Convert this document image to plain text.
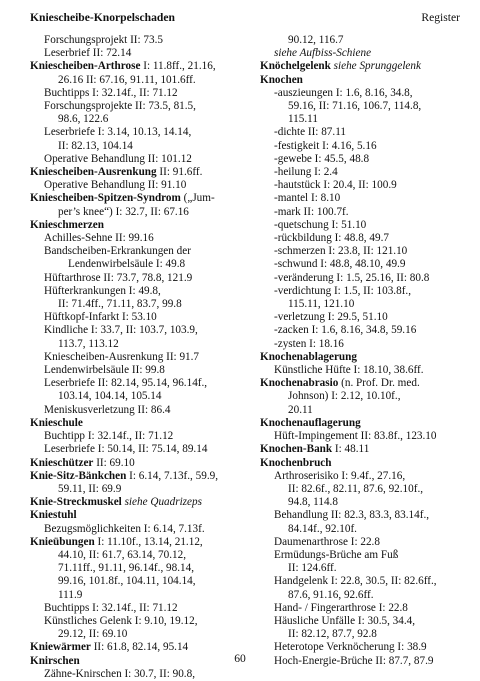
Kniescheibe-Knorpelschaden	Register
Forschungsprojekt II: 73.5
Leserbrief II: 72.14
Kniescheiben-Arthrose I: 11.8ff., 21.16,
26.16 II: 67.16, 91.11, 101.6ff.
Buchtipps I: 32.14f., II: 71.12
Forschungsprojekte II: 73.5, 81.5,
98.6, 122.6
Leserbriefe I: 3.14, 10.13, 14.14,
II: 82.13, 104.14
Operative Behandlung II: 101.12
Kniescheiben-Ausrenkung II: 91.6ff.
Operative Behandlung II: 91.10
Kniescheiben-Spitzen-Syndrom („Jum-
per’s knee“) I: 32.7, II: 67.16
Knieschmerzen
Achilles-Sehne II: 99.16
Bandscheiben-Erkrankungen der
Lendenwirbelsäule I: 49.8
Hüftarthrose II: 73.7, 78.8, 121.9
Hüfterkrankungen I: 49.8,
II: 71.4ff., 71.11, 83.7, 99.8
Hüftkopf-Infarkt I: 53.10
Kindliche I: 33.7, II: 103.7, 103.9,
113.7, 113.12
Kniescheiben-Ausrenkung II: 91.7
Lendenwirbelsäule II: 99.8
Leserbriefe II: 82.14, 95.14, 96.14f.,
103.14, 104.14, 105.14
Meniskusverletzung II: 86.4
Knieschule
Buchtipp I: 32.14f., II: 71.12
Leserbriefe I: 50.14, II: 75.14, 89.14
Knieschützer II: 69.10
Knie-Sitz-Bänkchen I: 6.14, 7.13f., 59.9,
59.11, II: 69.9
Knie-Streckmuskel siehe Quadrizeps
Kniestuhl
Bezugsmöglichkeiten I: 6.14, 7.13f.
Knieübungen I: 11.10f., 13.14, 21.12,
44.10, II: 61.7, 63.14, 70.12,
71.11ff., 91.11, 96.14f., 98.14,
99.16, 101.8f., 104.11, 104.14,
111.9
Buchtipps I: 32.14f., II: 71.12
Künstliches Gelenk I: 9.10, 19.12,
29.12, II: 69.10
Kniewärmer II: 61.8, 82.14, 95.14
Knirschen
Zähne-Knirschen I: 30.7, II: 90.8,
90.12, 116.7
siehe Aufbiss-Schiene
Knöchelgelenk siehe Sprunggelenk
Knochen
-auszieungen I: 1.6, 8.16, 34.8,
59.16, II: 71.16, 106.7, 114.8,
115.11
-dichte II: 87.11
-festigkeit I: 4.16, 5.16
-gewebe I: 45.5, 48.8
-heilung I: 2.4
-hautstück I: 20.4, II: 100.9
-mantel I: 8.10
-mark II: 100.7f.
-quetschung I: 51.10
-rückbildung I: 48.8, 49.7
-schmerzen I: 23.8, II: 121.10
-schwund I: 48.8, 48.10, 49.9
-veränderung I: 1.5, 25.16, II: 80.8
-verdichtung I: 1.5, II: 103.8f.,
115.11, 121.10
-verletzung I: 29.5, 51.10
-zacken I: 1.6, 8.16, 34.8, 59.16
-zysten I: 18.16
Knochenablagerung
Künstliche Hüfte I: 18.10, 38.6ff.
Knochenabrasio (n. Prof. Dr. med.
Johnson) I: 2.12, 10.10f.,
20.11
Knochenauflagerung
Hüft-Impingement II: 83.8f., 123.10
Knochen-Bank I: 48.11
Knochenbruch
Arthroserisiko I: 9.4f., 27.16,
II: 82.6f., 82.11, 87.6, 92.10f.,
94.8, 114.8
Behandlung II: 82.3, 83.3, 83.14f.,
84.14f., 92.10f.
Daumenarthrose I: 22.8
Ermüdungs-Brüche am Fuß
II: 124.6ff.
Handgelenk I: 22.8, 30.5, II: 82.6ff.,
87.6, 91.16, 92.6ff.
Hand- / Fingerarthrose I: 22.8
Häusliche Unfälle I: 30.5, 34.4,
II: 82.12, 87.7, 92.8
Heterotope Verknöcherung I: 38.9
Hoch-Energie-Brüche II: 87.7, 87.9
60
